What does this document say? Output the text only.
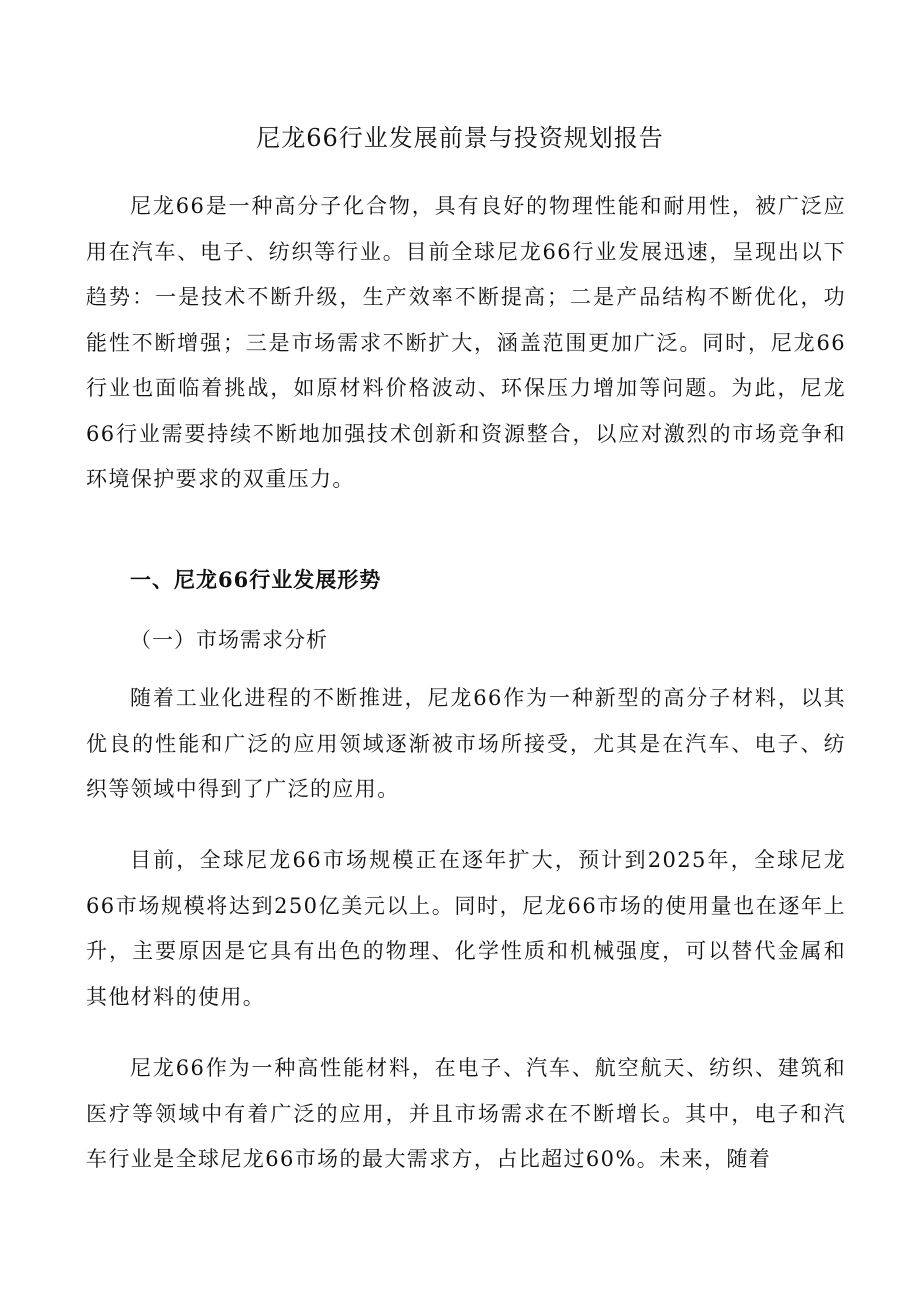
尼龙66行业发展前景与投资规划报告

尼龙66是一种高分子化合物，具有良好的物理性能和耐用性，被广泛应用在汽车、电子、纺织等行业。目前全球尼龙66行业发展迅速，呈现出以下趋势：一是技术不断升级，生产效率不断提高；二是产品结构不断优化，功能性不断增强；三是市场需求不断扩大，涵盖范围更加广泛。同时，尼龙66行业也面临着挑战，如原材料价格波动、环保压力增加等问题。为此，尼龙66行业需要持续不断地加强技术创新和资源整合，以应对激烈的市场竞争和环境保护要求的双重压力。

一、尼龙66行业发展形势
（一）市场需求分析

随着工业化进程的不断推进，尼龙66作为一种新型的高分子材料，以其优良的性能和广泛的应用领域逐渐被市场所接受，尤其是在汽车、电子、纺织等领域中得到了广泛的应用。

目前，全球尼龙66市场规模正在逐年扩大，预计到2025年，全球尼龙66市场规模将达到250亿美元以上。同时，尼龙66市场的使用量也在逐年上升，主要原因是它具有出色的物理、化学性质和机械强度，可以替代金属和其他材料的使用。

尼龙66作为一种高性能材料，在电子、汽车、航空航天、纺织、建筑和医疗等领域中有着广泛的应用，并且市场需求在不断增长。其中，电子和汽车行业是全球尼龙66市场的最大需求方，占比超过60%。未来，随着
